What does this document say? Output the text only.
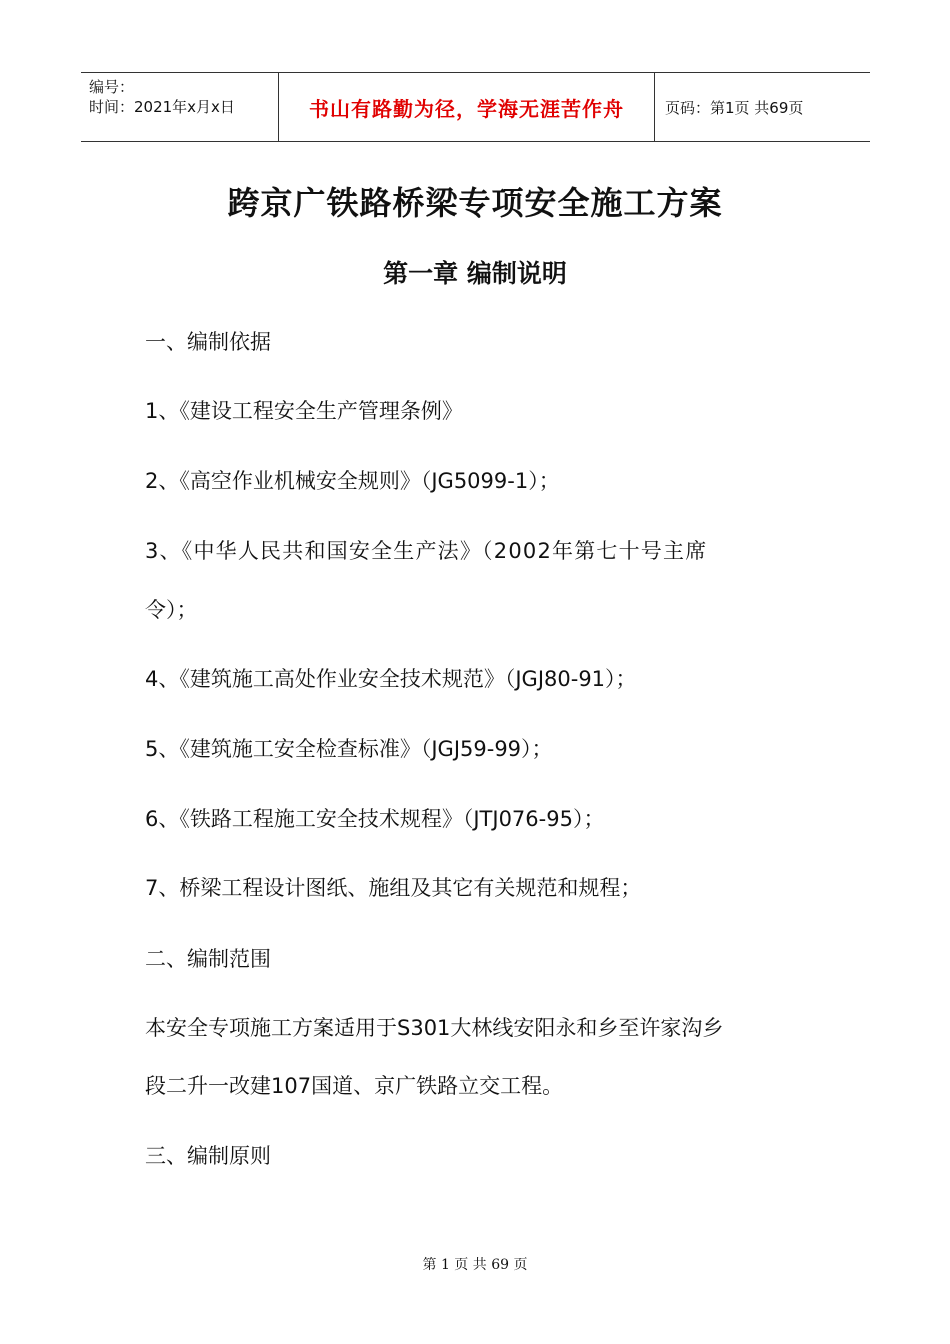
编号：
时间：2021年x月x日	书山有路勤为径，学海无涯苦作舟	页码：第1页 共69页
跨京广铁路桥梁专项安全施工方案
第一章 编制说明
一、编制依据
1、《建设工程安全生产管理条例》
2、《高空作业机械安全规则》（JG5099-1）；
3、《中华人民共和国安全生产法》（2002年第七十号主席
令）；
4、《建筑施工高处作业安全技术规范》（JGJ80-91）；
5、《建筑施工安全检查标准》（JGJ59-99）；
6、《铁路工程施工安全技术规程》（JTJ076-95）；
7、桥梁工程设计图纸、施组及其它有关规范和规程；
二、编制范围
本安全专项施工方案适用于S301大林线安阳永和乡至许家沟乡
段二升一改建107国道、京广铁路立交工程。
三、编制原则
第 1 页 共 69 页
